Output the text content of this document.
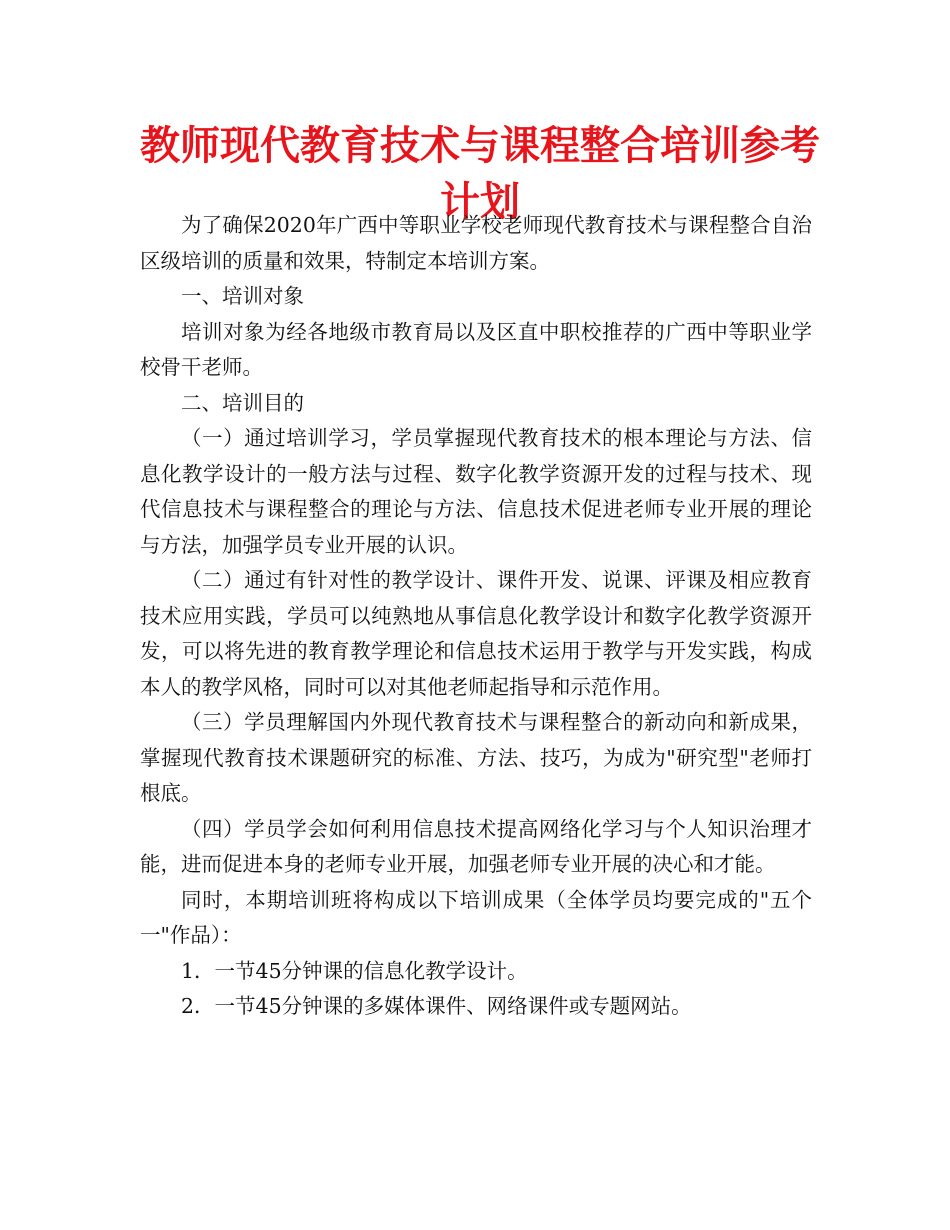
教师现代教育技术与课程整合培训参考计划

为了确保2020年广西中等职业学校老师现代教育技术与课程整合自治区级培训的质量和效果，特制定本培训方案。

一、培训对象

培训对象为经各地级市教育局以及区直中职校推荐的广西中等职业学校骨干老师。

二、培训目的

（一）通过培训学习，学员掌握现代教育技术的根本理论与方法、信息化教学设计的一般方法与过程、数字化教学资源开发的过程与技术、现代信息技术与课程整合的理论与方法、信息技术促进老师专业开展的理论与方法，加强学员专业开展的认识。

（二）通过有针对性的教学设计、课件开发、说课、评课及相应教育技术应用实践，学员可以纯熟地从事信息化教学设计和数字化教学资源开发，可以将先进的教育教学理论和信息技术运用于教学与开发实践，构成本人的教学风格，同时可以对其他老师起指导和示范作用。

（三）学员理解国内外现代教育技术与课程整合的新动向和新成果，掌握现代教育技术课题研究的标准、方法、技巧，为成为"研究型"老师打根底。

（四）学员学会如何利用信息技术提高网络化学习与个人知识治理才能，进而促进本身的老师专业开展，加强老师专业开展的决心和才能。

同时，本期培训班将构成以下培训成果（全体学员均要完成的"五个一"作品）：

1．一节45分钟课的信息化教学设计。

2．一节45分钟课的多媒体课件、网络课件或专题网站。
